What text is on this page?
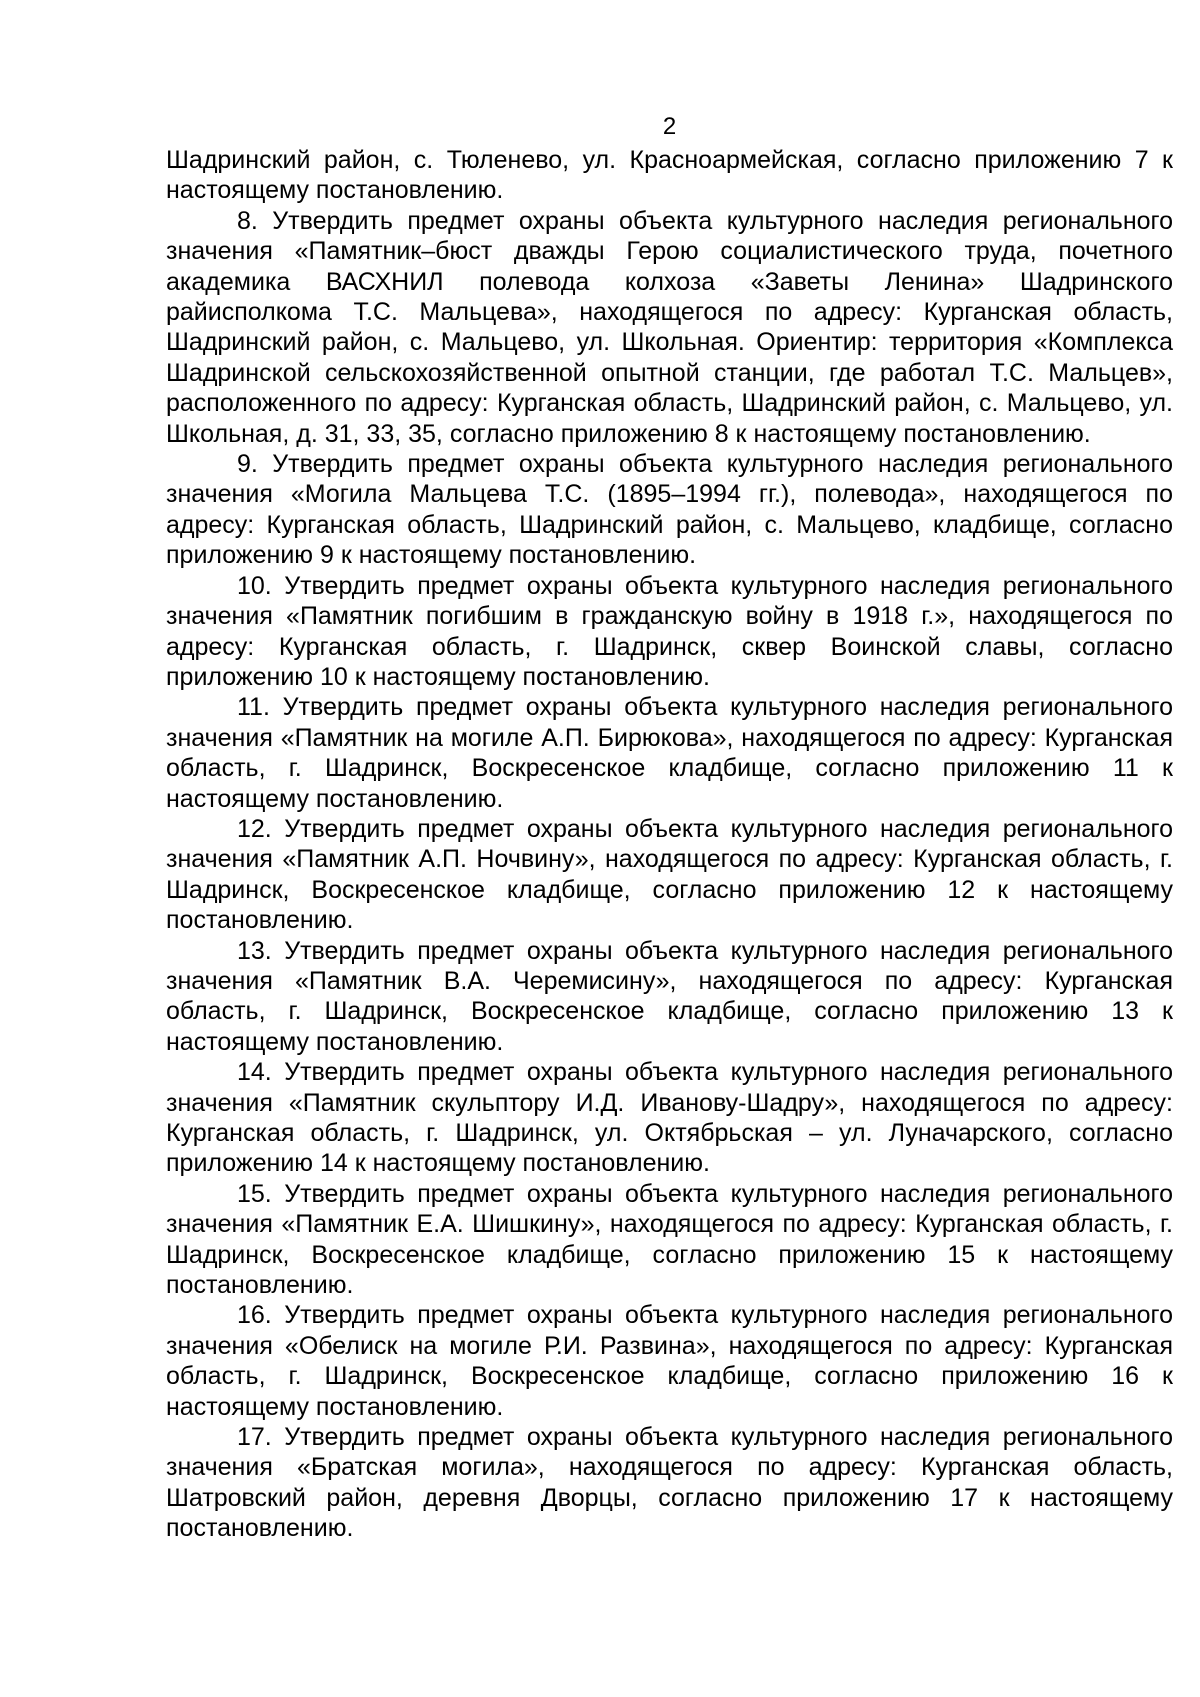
2

Шадринский район, с. Тюленево, ул. Красноармейская, согласно приложению 7 к настоящему постановлению.

8. Утвердить предмет охраны объекта культурного наследия регионального значения «Памятник–бюст дважды Герою социалистического труда, почетного академика ВАСХНИЛ полевода колхоза «Заветы Ленина» Шадринского райисполкома Т.С. Мальцева», находящегося по адресу: Курганская область, Шадринский район, с. Мальцево, ул. Школьная. Ориентир: территория «Комплекса Шадринской сельскохозяйственной опытной станции, где работал Т.С. Мальцев», расположенного по адресу: Курганская область, Шадринский район, с. Мальцево, ул. Школьная, д. 31, 33, 35, согласно приложению 8 к настоящему постановлению.

9. Утвердить предмет охраны объекта культурного наследия регионального значения «Могила Мальцева Т.С. (1895–1994 гг.), полевода», находящегося по адресу: Курганская область, Шадринский район, с. Мальцево, кладбище, согласно приложению 9 к настоящему постановлению.

10. Утвердить предмет охраны объекта культурного наследия регионального значения «Памятник погибшим в гражданскую войну в 1918 г.», находящегося по адресу: Курганская область, г. Шадринск, сквер Воинской славы, согласно приложению 10 к настоящему постановлению.

11. Утвердить предмет охраны объекта культурного наследия регионального значения «Памятник на могиле А.П. Бирюкова», находящегося по адресу: Курганская область, г. Шадринск, Воскресенское кладбище, согласно приложению 11 к настоящему постановлению.

12. Утвердить предмет охраны объекта культурного наследия регионального значения «Памятник А.П. Ночвину», находящегося по адресу: Курганская область, г. Шадринск, Воскресенское кладбище, согласно приложению 12 к настоящему постановлению.

13. Утвердить предмет охраны объекта культурного наследия регионального значения «Памятник В.А. Черемисину», находящегося по адресу: Курганская область, г. Шадринск, Воскресенское кладбище, согласно приложению 13 к настоящему постановлению.

14. Утвердить предмет охраны объекта культурного наследия регионального значения «Памятник скульптору И.Д. Иванову-Шадру», находящегося по адресу: Курганская область, г. Шадринск, ул. Октябрьская – ул. Луначарского, согласно приложению 14 к настоящему постановлению.

15. Утвердить предмет охраны объекта культурного наследия регионального значения «Памятник Е.А. Шишкину», находящегося по адресу: Курганская область, г. Шадринск, Воскресенское кладбище, согласно приложению 15 к настоящему постановлению.

16. Утвердить предмет охраны объекта культурного наследия регионального значения «Обелиск на могиле Р.И. Развина», находящегося по адресу: Курганская область, г. Шадринск, Воскресенское кладбище, согласно приложению 16 к настоящему постановлению.

17. Утвердить предмет охраны объекта культурного наследия регионального значения «Братская могила», находящегося по адресу: Курганская область, Шатровский район, деревня Дворцы, согласно приложению 17 к настоящему постановлению.
